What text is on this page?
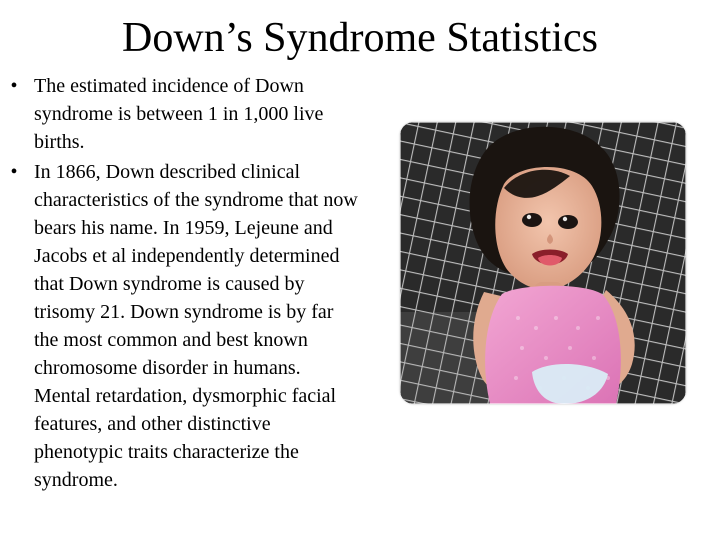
Down’s Syndrome Statistics
• The estimated incidence of Down
syndrome is between 1 in 1,000 live
births.
• In 1866, Down described clinical
characteristics of the syndrome that now
bears his name. In 1959, Lejeune and
Jacobs et al independently determined
that Down syndrome is caused by
trisomy 21. Down syndrome is by far
the most common and best known
chromosome disorder in humans.
Mental retardation, dysmorphic facial
features, and other distinctive
phenotypic traits characterize the
syndrome.
